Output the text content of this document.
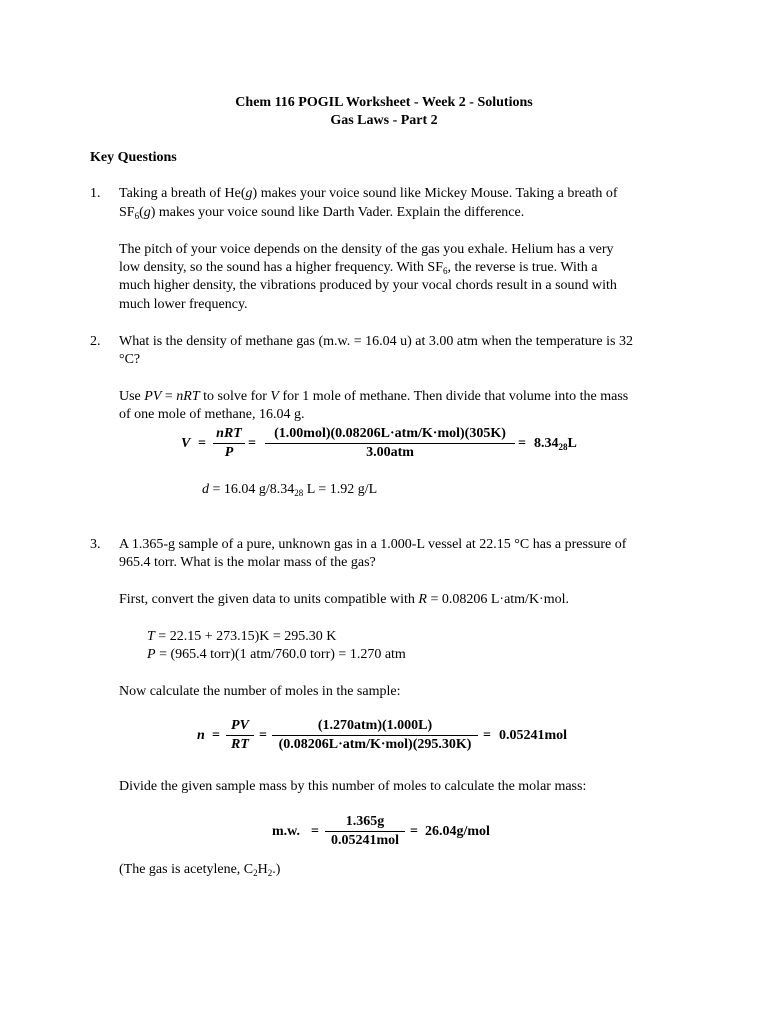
Chem 116 POGIL Worksheet - Week 2 - Solutions
Gas Laws - Part 2
Key Questions
1. Taking a breath of He(g) makes your voice sound like Mickey Mouse. Taking a breath of
$SF_6(g)$ makes your voice sound like Darth Vader. Explain the difference.
The pitch of your voice depends on the density of the gas you exhale. Helium has a very
low density, so the sound has a higher frequency. With $SF_6$, the reverse is true. With a
much higher density, the vibrations produced by your vocal chords result in a sound with
much lower frequency.
2. What is the density of methane gas (m.w. = 16.04 u) at 3.00 atm when the temperature is 32
°C?
Use PV = nRT to solve for V for 1 mole of methane. Then divide that volume into the mass
of one mole of methane, 16.04 g.
V =
nRT
P
=
(1.00mol)(0.08206L·atm/K·mol)(305K)
3.00atm
= $8.34_{28}L$
d = 16.04 $g/8.34_{28}$ L = 1.92 g/L
3. A 1.365-g sample of a pure, unknown gas in a 1.000-L vessel at 22.15 °C has a pressure of
965.4 torr. What is the molar mass of the gas?
First, convert the given data to units compatible with R = 0.08206 L·atm/K·mol.
T = 22.15 + 273.15)K = 295.30 K
P = (965.4 torr)(1 atm/760.0 torr) = 1.270 atm
Now calculate the number of moles in the sample:
n =
PV
RT
=
(1.270atm)(1.000L)
(0.08206L·atm/K·mol)(295.30K)
= 0.05241mol
Divide the given sample mass by this number of moles to calculate the molar mass:
m.w. =
1.365g
0.05241mol
= 26.04g/mol
(The gas is acetylene, $C_2H_2$.)
